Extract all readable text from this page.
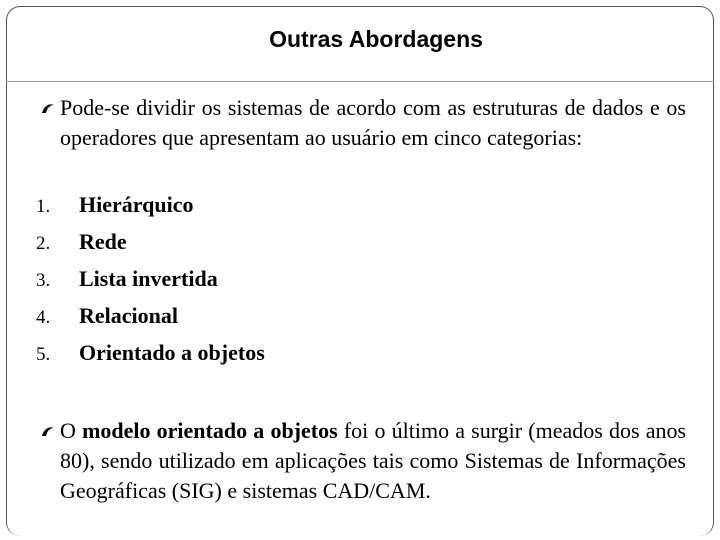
Outras Abordagens
Pode-se dividir os sistemas de acordo com as estruturas de dados e os operadores que apresentam ao usuário em cinco categorias:
1.	Hierárquico
2.	Rede
3.	Lista invertida
4.	Relacional
5.	Orientado a objetos
O modelo orientado a objetos foi o último a surgir (meados dos anos 80), sendo utilizado em aplicações tais como Sistemas de Informações Geográficas (SIG) e sistemas CAD/CAM.
